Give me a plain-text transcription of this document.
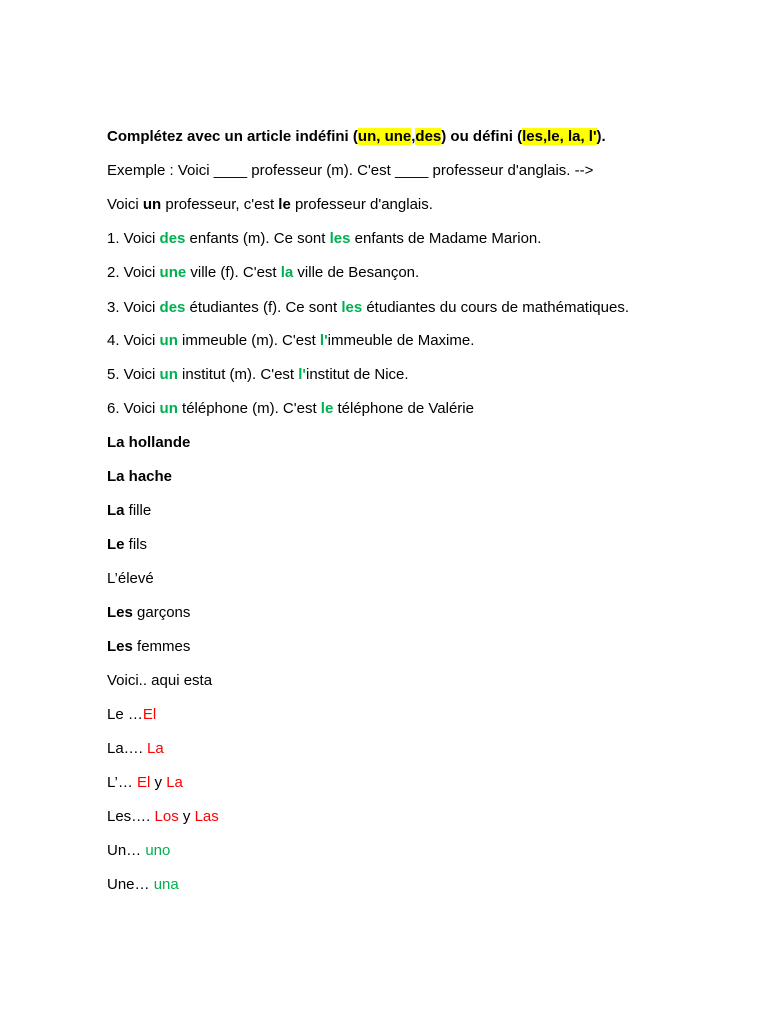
Complétez avec un article indéfini (un, une,des) ou défini (les,le, la, l').
Exemple : Voici ____ professeur (m). C'est ____ professeur d'anglais. -->
Voici un professeur, c'est le professeur d'anglais.
1. Voici des enfants (m). Ce sont les enfants de Madame Marion.
2. Voici une ville (f). C'est la ville de Besançon.
3. Voici des étudiantes (f). Ce sont les étudiantes du cours de mathématiques.
4. Voici un immeuble (m). C'est l'immeuble de Maxime.
5. Voici un institut (m). C'est l'institut de Nice.
6. Voici un téléphone (m). C'est le téléphone de Valérie
La hollande
La hache
La fille
Le fils
L’élevé
Les garçons
Les femmes
Voici.. aqui esta
Le …El
La…. La
L’… El y La
Les…. Los y Las
Un… uno
Une… una
